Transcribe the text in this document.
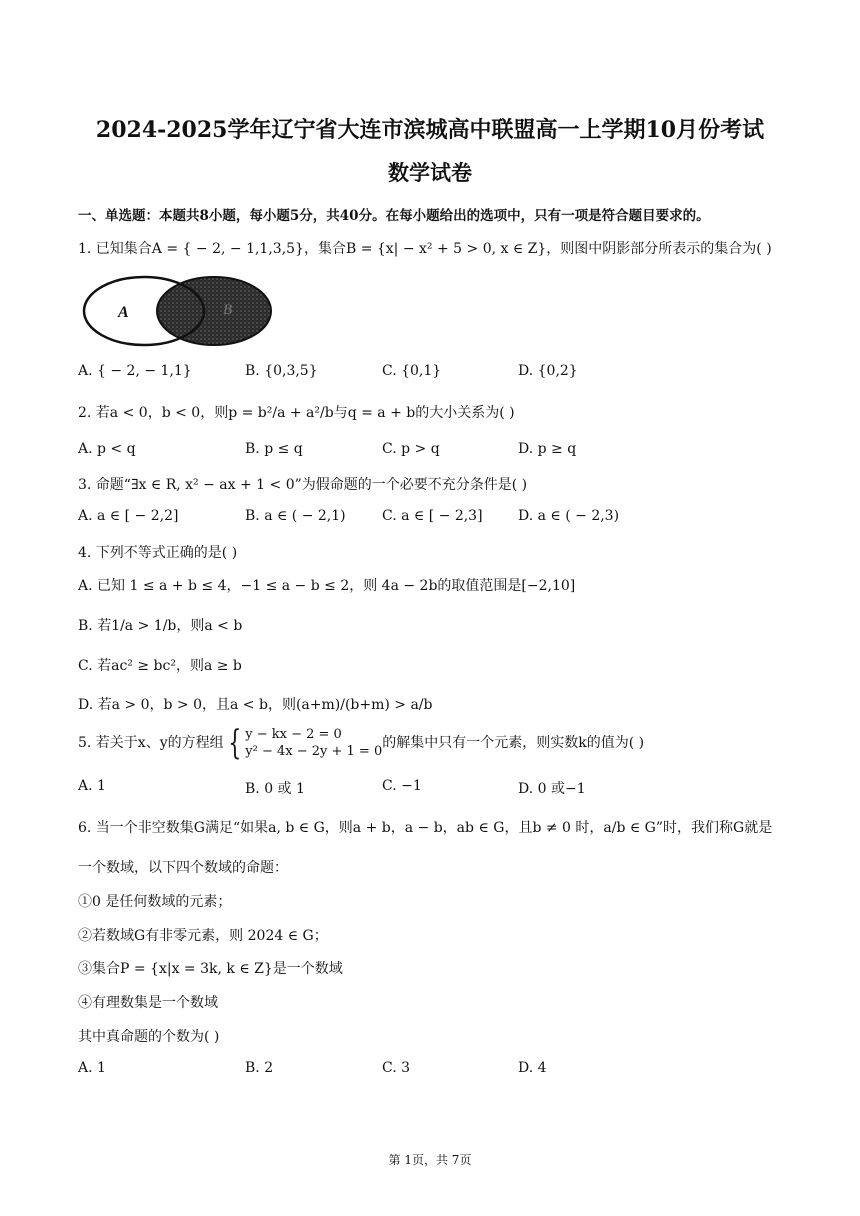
2024-2025学年辽宁省大连市滨城高中联盟高一上学期10月份考试
数学试卷
一、单选题：本题共8小题，每小题5分，共40分。在每小题给出的选项中，只有一项是符合题目要求的。
1. 已知集合A = { − 2, − 1,1,3,5}，集合B = {x| − x² + 5 > 0, x ∈ Z}，则图中阴影部分所表示的集合为( )
A	B
A. { − 2, − 1,1}	B. {0,3,5}	C. {0,1}	D. {0,2}
2. 若a < 0，b < 0，则p = b²/a + a²/b与q = a + b的大小关系为( )
A. p < q	B. p ≤ q	C. p > q	D. p ≥ q
3. 命题“∃x ∈ R, x² − ax + 1 < 0”为假命题的一个必要不充分条件是( )
A. a ∈ [ − 2,2]	B. a ∈ ( − 2,1)	C. a ∈ [ − 2,3]	D. a ∈ ( − 2,3)
4. 下列不等式正确的是( )
A. 已知 1 ≤ a + b ≤ 4，−1 ≤ a − b ≤ 2，则 4a − 2b的取值范围是[−2,10]
B. 若1/a > 1/b，则a < b
C. 若ac² ≥ bc²，则a ≥ b
D. 若a > 0，b > 0，且a < b，则(a+m)/(b+m) > a/b
5. 若关于x、y的方程组 { y − kx − 2 = 0
y² − 4x − 2y + 1 = 0的解集中只有一个元素，则实数k的值为( )
A. 1	B. 0 或 1	C. −1	D. 0 或−1
6. 当一个非空数集G满足“如果a, b ∈ G，则a + b，a − b，ab ∈ G，且b ≠ 0 时，a/b ∈ G”时，我们称G就是
一个数域，以下四个数域的命题：
①0 是任何数域的元素；
②若数域G有非零元素，则 2024 ∈ G；
③集合P = {x|x = 3k, k ∈ Z}是一个数域
④有理数集是一个数域
其中真命题的个数为( )
A. 1	B. 2	C. 3	D. 4
第 1页，共 7页
